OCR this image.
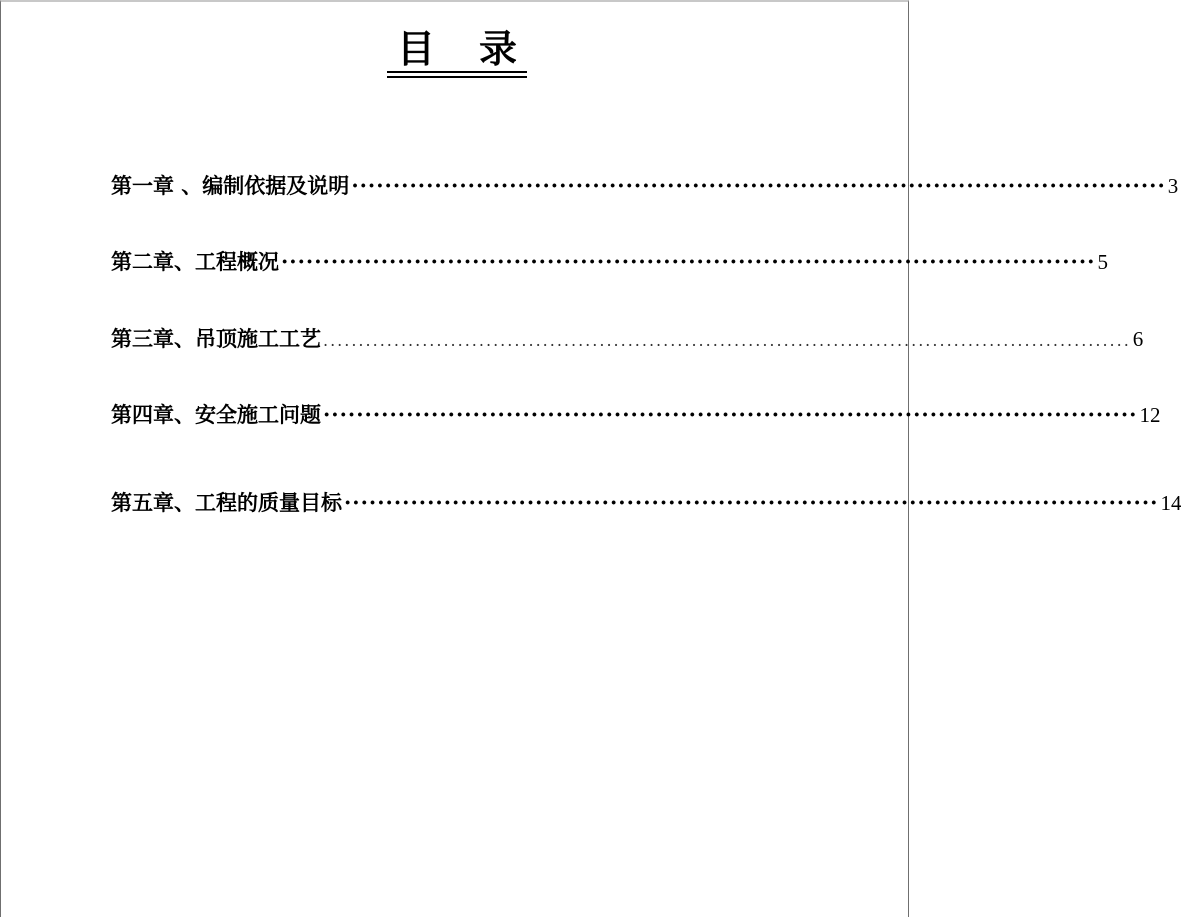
目录
第一章 、编制依据及说明 ·································································································· 3
第二章、工程概况 ·································································································· 5
第三章、吊顶施工工艺 .................................................................................................................. 6
第四章、安全施工问题 ·································································································· 12
第五章、工程的质量目标 ·································································································· 14
